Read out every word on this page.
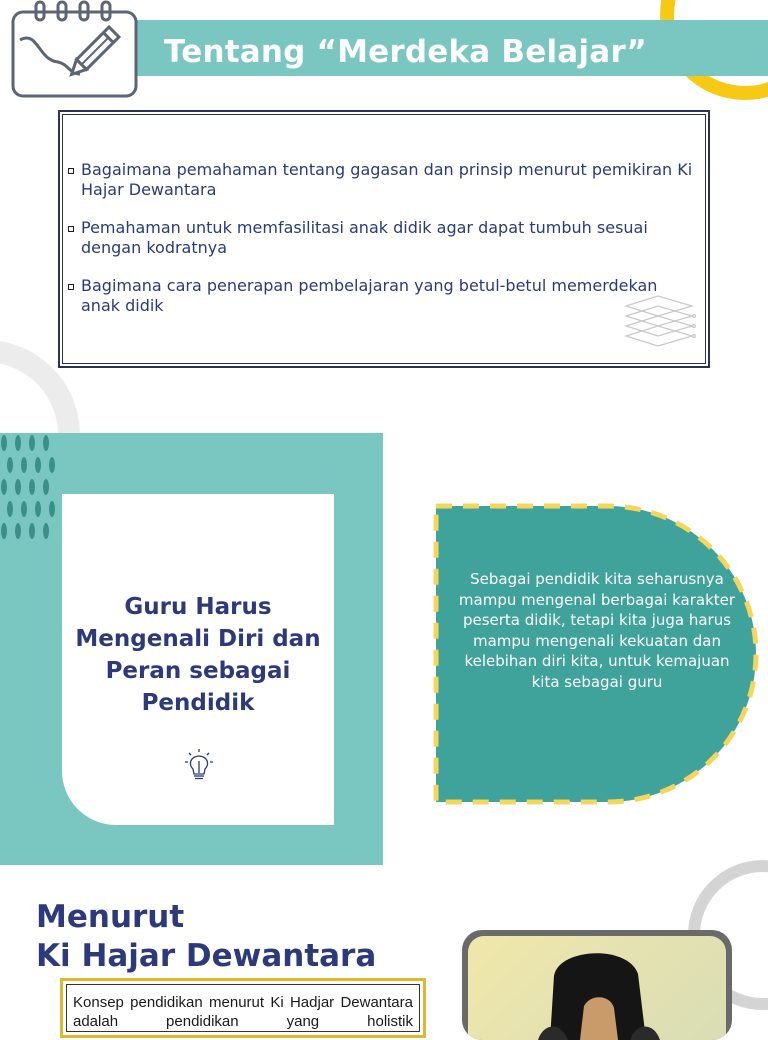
Tentang “Merdeka Belajar”
Bagaimana pemahaman tentang gagasan dan prinsip menurut pemikiran Ki Hajar Dewantara
Pemahaman untuk memfasilitasi anak didik agar dapat tumbuh sesuai dengan kodratnya
Bagimana cara penerapan pembelajaran yang betul-betul memerdekan anak didik
Guru Harus Mengenali Diri dan Peran sebagai Pendidik
Sebagai pendidik kita seharusnya mampu mengenal berbagai karakter peserta didik, tetapi kita juga harus mampu mengenali kekuatan dan kelebihan diri kita, untuk kemajuan kita sebagai guru
Menurut
Ki Hajar Dewantara
Konsep pendidikan menurut Ki Hadjar Dewantara adalah pendidikan yang holistik
